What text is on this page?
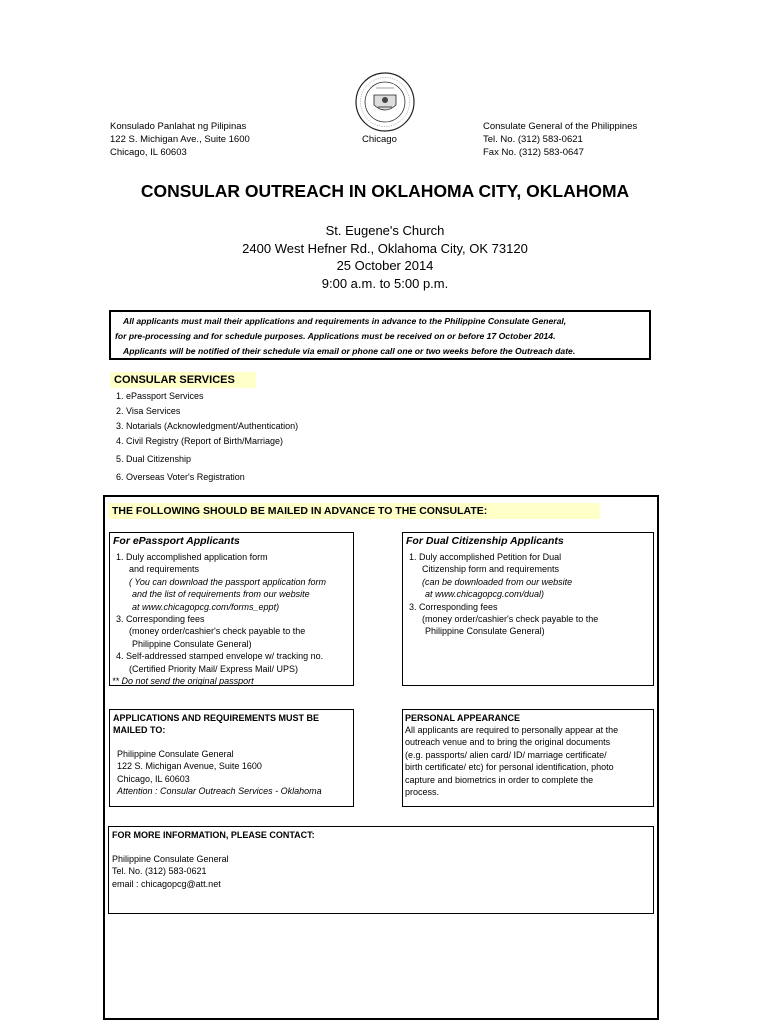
Konsulado Panlahat ng Pilipinas
122 S. Michigan Ave., Suite 1600
Chicago, IL 60603
Chicago
Consulate General of the Philippines
Tel. No. (312) 583-0621
Fax No. (312) 583-0647
CONSULAR OUTREACH IN OKLAHOMA CITY, OKLAHOMA
St. Eugene's Church
2400 West Hefner Rd., Oklahoma City, OK 73120
25 October 2014
9:00 a.m. to 5:00 p.m.
All applicants must mail their applications and requirements in advance to the Philippine Consulate General,
for pre-processing and for schedule purposes. Applications must be received on or before 17 October 2014.
Applicants will be notified of their schedule via email or phone call one or two weeks before the Outreach date.
CONSULAR SERVICES
1. ePassport Services
2. Visa Services
3. Notarials (Acknowledgment/Authentication)
4. Civil Registry (Report of Birth/Marriage)
5. Dual Citizenship
6. Overseas Voter's Registration
THE FOLLOWING SHOULD BE MAILED IN ADVANCE TO THE CONSULATE:
For ePassport Applicants
1. Duly accomplished application form
and requirements
( You can download the passport application form
and the list of requirements from our website
at www.chicagopcg.com/forms_eppt)
3. Corresponding fees
(money order/cashier's check payable to the
Philippine Consulate General)
4. Self-addressed stamped envelope w/ tracking no.
(Certified Priority Mail/ Express Mail/ UPS)
** Do not send the original passport
For Dual Citizenship Applicants
1. Duly accomplished Petition for Dual
Citizenship form and requirements
(can be downloaded from our website
at www.chicagopcg.com/dual)
3. Corresponding fees
(money order/cashier's check payable to the
Philippine Consulate General)
APPLICATIONS AND REQUIREMENTS MUST BE
MAILED TO:
Philippine Consulate General
122 S. Michigan Avenue, Suite 1600
Chicago, IL 60603
Attention : Consular Outreach Services - Oklahoma
PERSONAL APPEARANCE
All applicants are required to personally appear at the
outreach venue and to bring the original documents
(e.g. passports/ alien card/ ID/ marriage certificate/
birth certificate/ etc) for personal identification, photo
capture and biometrics in order to complete the
process.
FOR MORE INFORMATION, PLEASE CONTACT:
Philippine Consulate General
Tel. No. (312) 583-0621
email : chicagopcg@att.net
